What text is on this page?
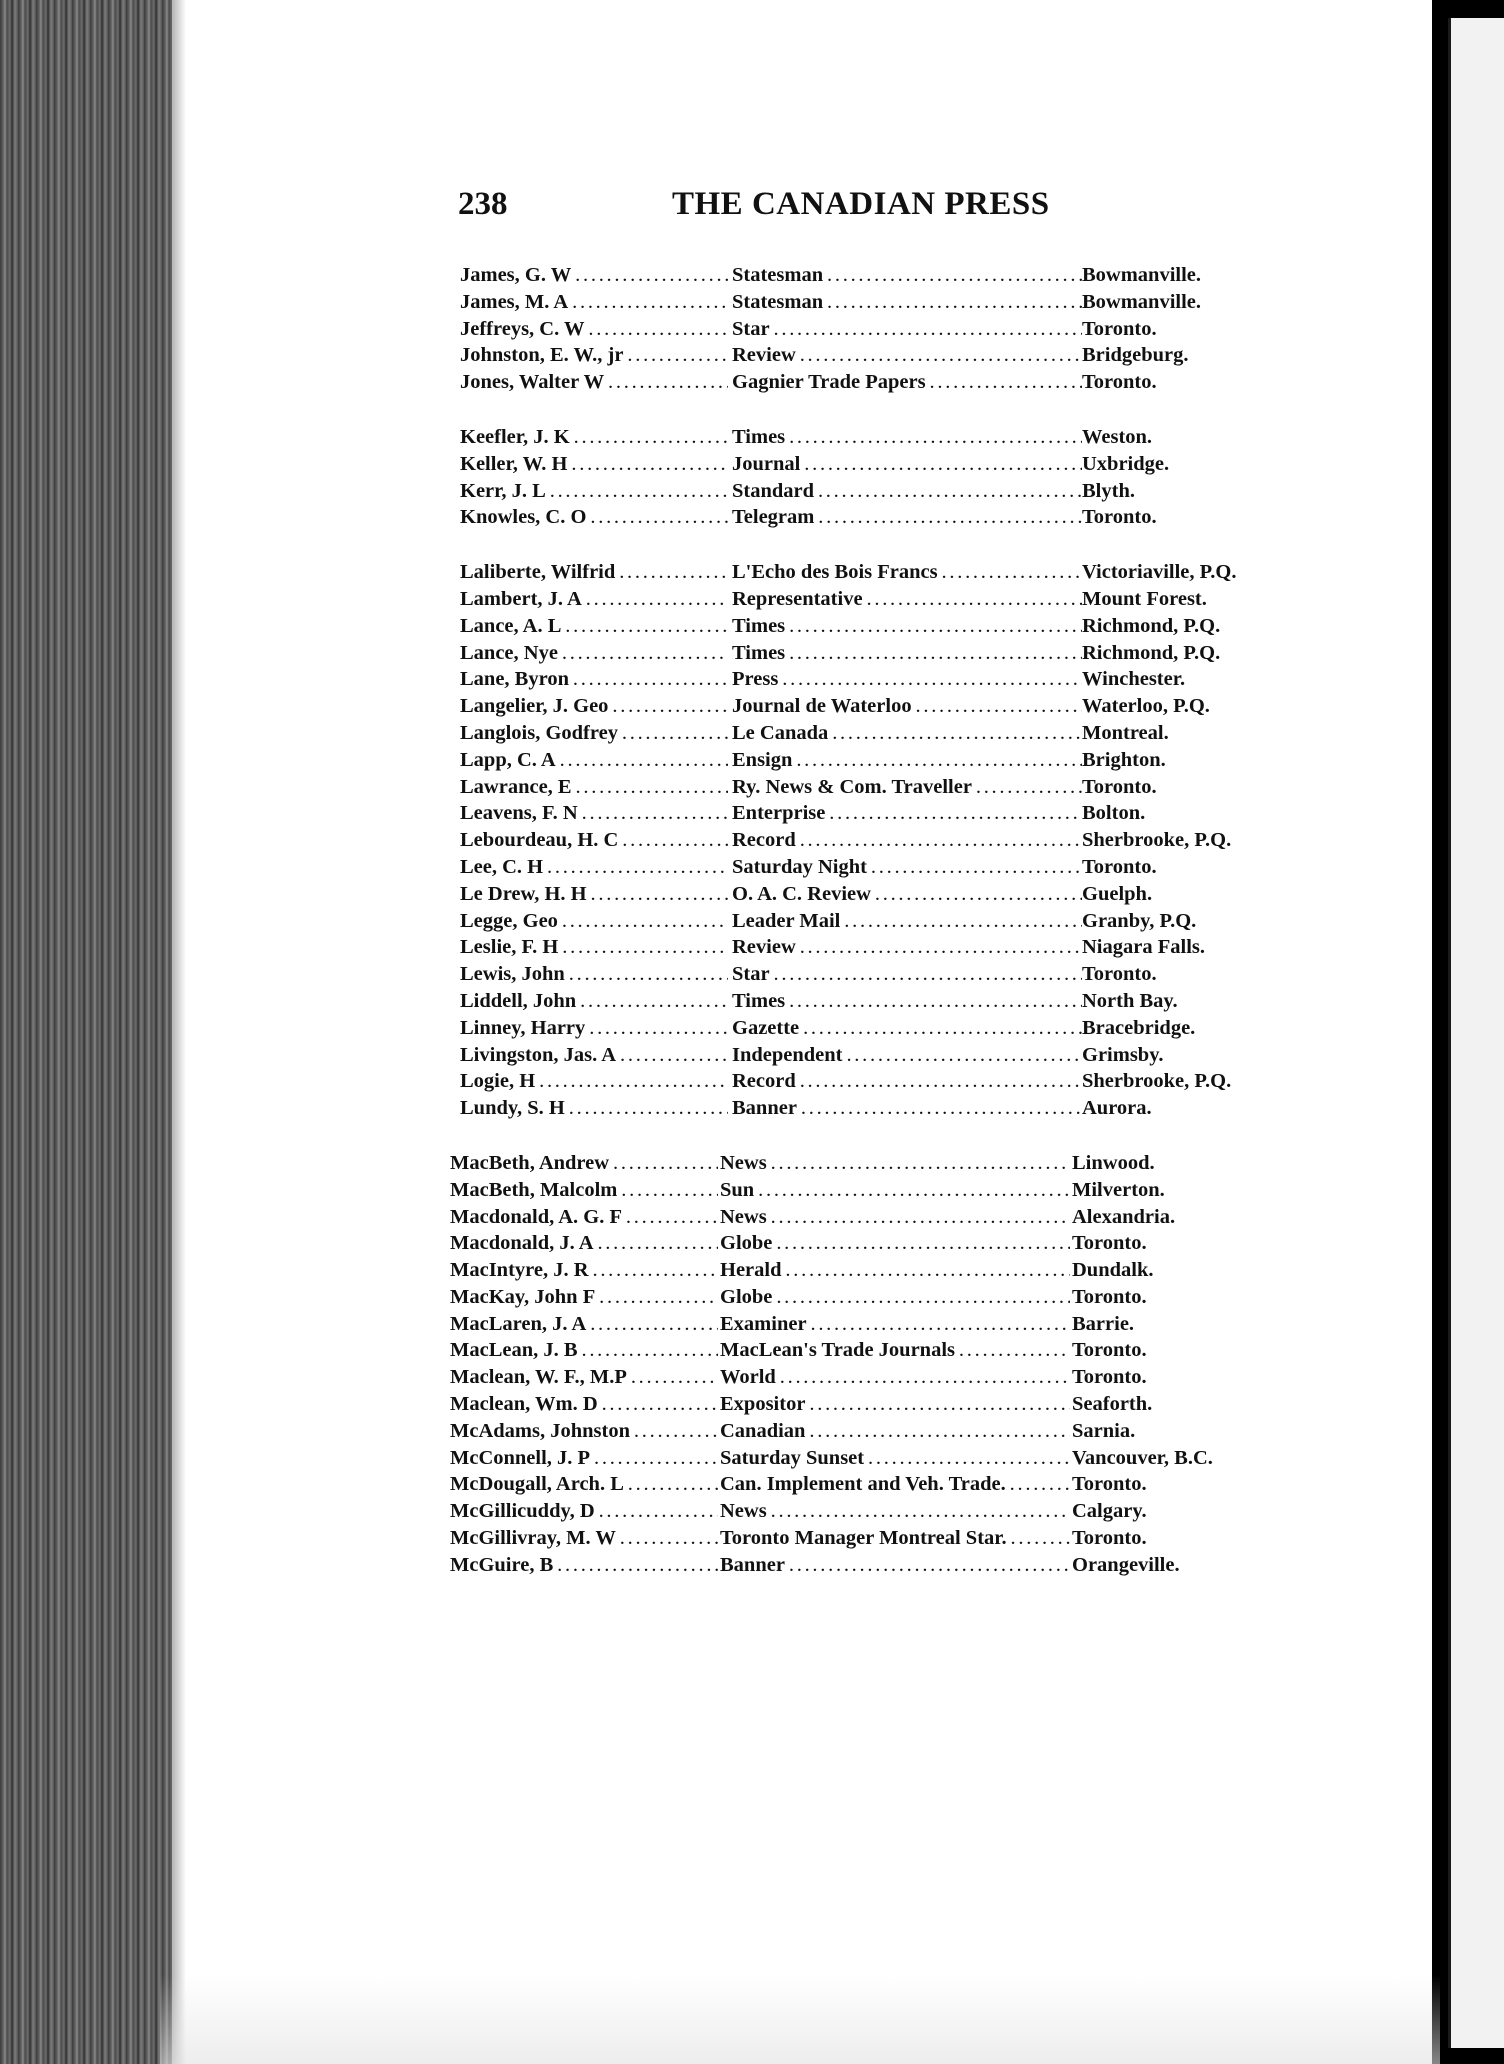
238	THE CANADIAN PRESS
James, G. W . . .	Statesman . . .	Bowmanville.
James, M. A . . .	Statesman . . .	Bowmanville.
Jeffreys, C. W . . .	Star . . .	Toronto.
Johnston, E. W., jr . . .	Review . . .	Bridgeburg.
Jones, Walter W . . .	Gagnier Trade Papers . . .	Toronto.
Keefler, J. K . . .	Times . . .	Weston.
Keller, W. H . . .	Journal . . .	Uxbridge.
Kerr, J. L . . .	Standard . . .	Blyth.
Knowles, C. O . . .	Telegram . . .	Toronto.
Laliberte, Wilfrid . . .	L'Echo des Bois Francs . . .	Victoriaville, P.Q.
Lambert, J. A . . .	Representative . . .	Mount Forest.
Lance, A. L . . .	Times . . .	Richmond, P.Q.
Lance, Nye . . .	Times . . .	Richmond, P.Q.
Lane, Byron . . .	Press . . .	Winchester.
Langelier, J. Geo . . .	Journal de Waterloo . . .	Waterloo, P.Q.
Langlois, Godfrey . . .	Le Canada . . .	Montreal.
Lapp, C. A . . .	Ensign . . .	Brighton.
Lawrance, E . . .	Ry. News & Com. Traveller . . .	Toronto.
Leavens, F. N . . .	Enterprise . . .	Bolton.
Lebourdeau, H. C . . .	Record . . .	Sherbrooke, P.Q.
Lee, C. H . . .	Saturday Night . . .	Toronto.
Le Drew, H. H . . .	O. A. C. Review . . .	Guelph.
Legge, Geo . . .	Leader Mail . . .	Granby, P.Q.
Leslie, F. H . . .	Review . . .	Niagara Falls.
Lewis, John . . .	Star . . .	Toronto.
Liddell, John . . .	Times . . .	North Bay.
Linney, Harry . . .	Gazette . . .	Bracebridge.
Livingston, Jas. A . . .	Independent . . .	Grimsby.
Logie, H . . .	Record . . .	Sherbrooke, P.Q.
Lundy, S. H . . .	Banner . . .	Aurora.
MacBeth, Andrew . . .	News . . .	Linwood.
MacBeth, Malcolm . . .	Sun . . .	Milverton.
Macdonald, A. G. F . . .	News . . .	Alexandria.
Macdonald, J. A . . .	Globe . . .	Toronto.
MacIntyre, J. R . . .	Herald . . .	Dundalk.
MacKay, John F . . .	Globe . . .	Toronto.
MacLaren, J. A . . .	Examiner . . .	Barrie.
MacLean, J. B . . .	MacLean's Trade Journals . . .	Toronto.
Maclean, W. F., M.P . . .	World . . .	Toronto.
Maclean, Wm. D . . .	Expositor . . .	Seaforth.
McAdams, Johnston . . .	Canadian . . .	Sarnia.
McConnell, J. P . . .	Saturday Sunset . . .	Vancouver, B.C.
McDougall, Arch. L . . .	Can. Implement and Veh. Trade. . . .	Toronto.
McGillicuddy, D . . .	News . . .	Calgary.
McGillivray, M. W . . .	Toronto Manager Montreal Star. . . .	Toronto.
McGuire, B . . .	Banner . . .	Orangeville.
